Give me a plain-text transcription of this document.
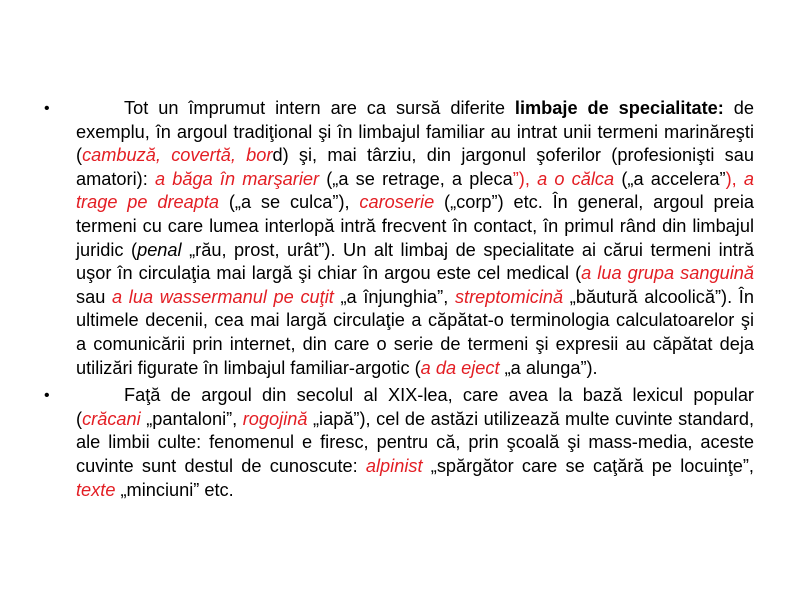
•	Tot un împrumut intern are ca sursă diferite limbaje de specialitate: de exemplu, în argoul tradiţional şi în limbajul familiar au intrat unii termeni marinăreşti (cambuză, covertă, bord) şi, mai târziu, din jargonul şoferilor (profesionişti sau amatori): a băga în marşarier („a se retrage, a pleca”), a o călca („a accelera”), a trage pe dreapta („a se culca”), caroserie („corp”) etc. În general, argoul preia termeni cu care lumea interlopă intră frecvent în contact, în primul rând din limbajul juridic (penal „rău, prost, urât”). Un alt limbaj de specialitate ai cărui termeni intră uşor în circulaţia mai largă şi chiar în argou este cel medical (a lua grupa sanguină sau a lua wassermanul pe cuţit „a înjunghia”, streptomicină „băutură alcoolică”). În ultimele decenii, cea mai largă circulaţie a căpătat-o terminologia calculatoarelor şi a comunicării prin internet, din care o serie de termeni şi expresii au căpătat deja utilizări figurate în limbajul familiar-argotic (a da eject „a alunga”).
•	Faţă de argoul din secolul al XIX-lea, care avea la bază lexicul popular (crăcani „pantaloni”, rogojină „iapă”), cel de astăzi utilizează multe cuvinte standard, ale limbii culte: fenomenul e firesc, pentru că, prin şcoală şi mass-media, aceste cuvinte sunt destul de cunoscute: alpinist „spărgător care se caţără pe locuinţe”, texte „minciuni” etc.
